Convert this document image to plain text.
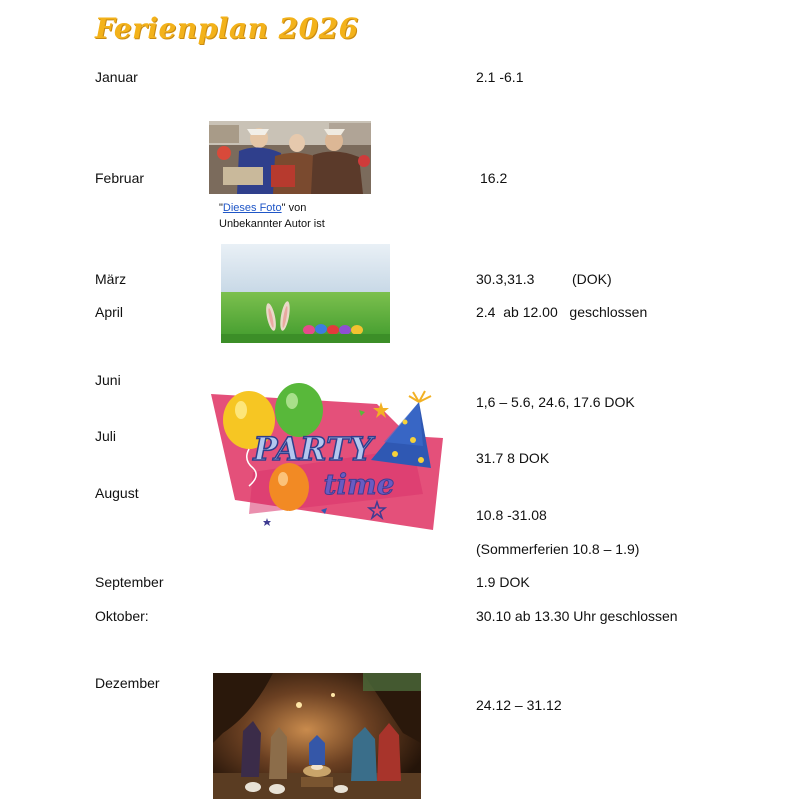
Ferienplan 2026
Januar
Februar
März
April
Juni
Juli
August
September
Oktober:
Dezember
2.1 -6.1
16.2
30.3,31.3	(DOK)
2.4  ab 12.00   geschlossen
1,6 – 5.6, 24.6, 17.6 DOK
31.7 8 DOK
10.8 -31.08
(Sommerferien 10.8 – 1.9)
1.9 DOK
30.10 ab 13.30 Uhr geschlossen
24.12 – 31.12
"Dieses Foto" von
Unbekannter Autor ist
PARTY
time
